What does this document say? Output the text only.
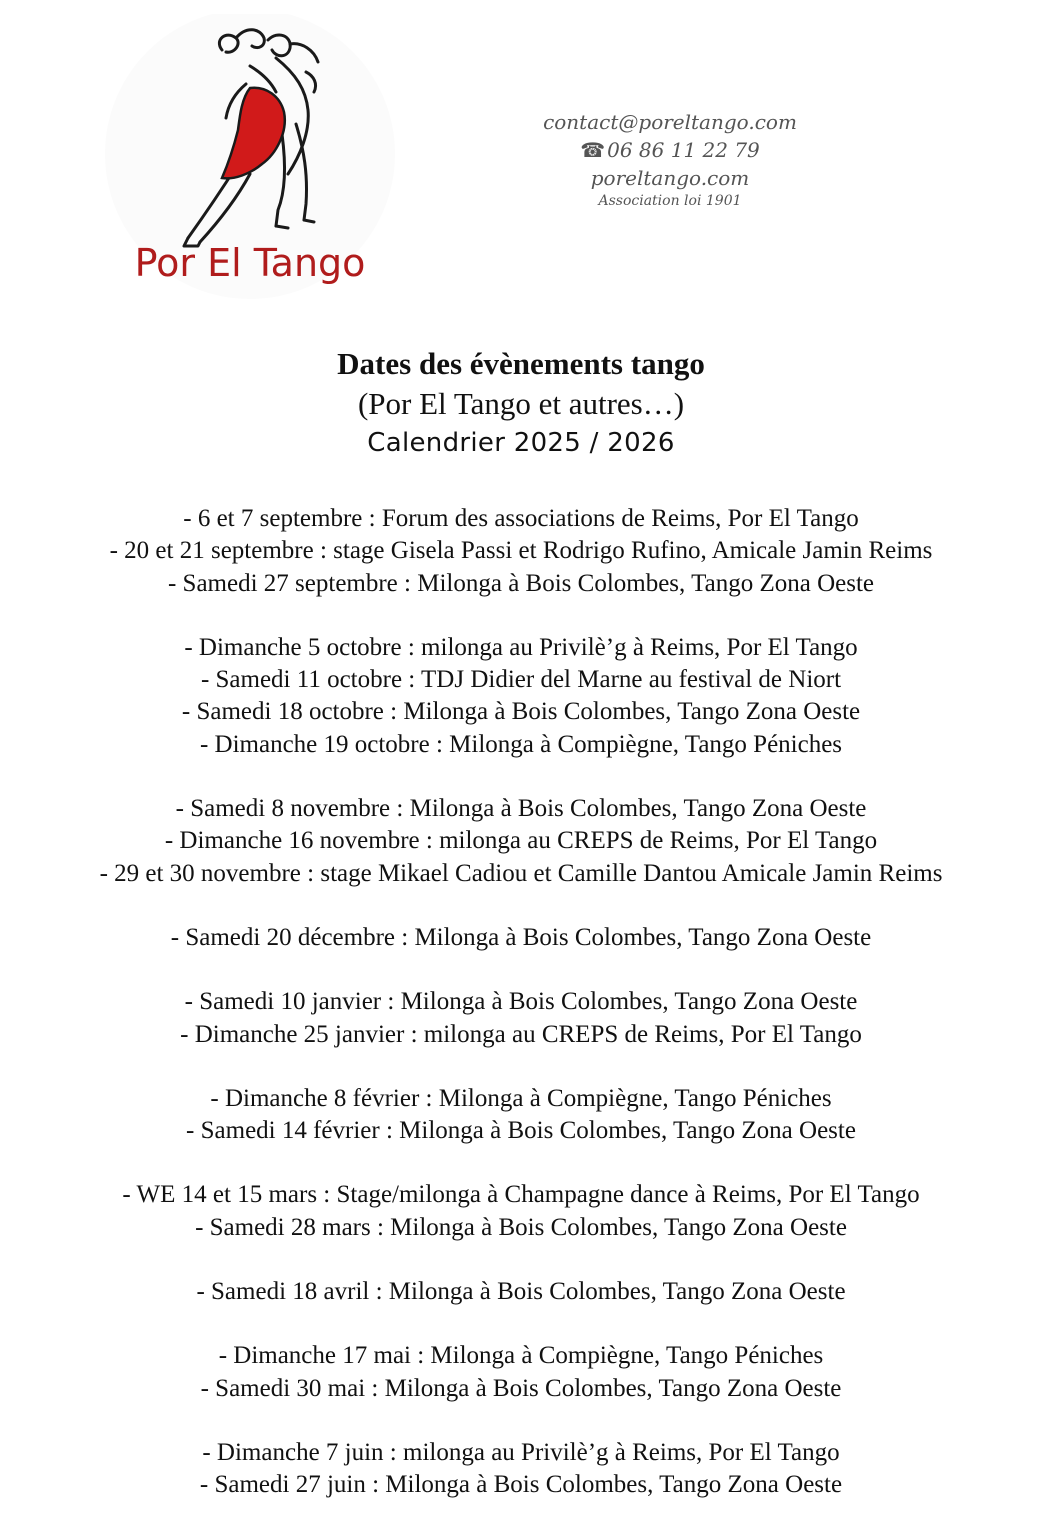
Por El Tango
contact@poreltango.com
☎ 06 86 11 22 79
poreltango.com
Association loi 1901
Dates des évènements tango
(Por El Tango et autres…)
Calendrier 2025 / 2026
- 6 et 7 septembre : Forum des associations de Reims, Por El Tango
- 20 et 21 septembre : stage Gisela Passi et Rodrigo Rufino, Amicale Jamin Reims
- Samedi 27 septembre : Milonga à Bois Colombes, Tango Zona Oeste
- Dimanche 5 octobre : milonga au Privilè’g à Reims, Por El Tango
- Samedi 11 octobre : TDJ Didier del Marne au festival de Niort
- Samedi 18 octobre : Milonga à Bois Colombes, Tango Zona Oeste
- Dimanche 19 octobre : Milonga à Compiègne, Tango Péniches
- Samedi 8 novembre : Milonga à Bois Colombes, Tango Zona Oeste
- Dimanche 16 novembre : milonga au CREPS de Reims, Por El Tango
- 29 et 30 novembre : stage Mikael Cadiou et Camille Dantou Amicale Jamin Reims
- Samedi 20 décembre : Milonga à Bois Colombes, Tango Zona Oeste
- Samedi 10 janvier : Milonga à Bois Colombes, Tango Zona Oeste
- Dimanche 25 janvier : milonga au CREPS de Reims, Por El Tango
- Dimanche 8 février : Milonga à Compiègne, Tango Péniches
- Samedi 14 février : Milonga à Bois Colombes, Tango Zona Oeste
- WE 14 et 15 mars : Stage/milonga à Champagne dance à Reims, Por El Tango
- Samedi 28 mars : Milonga à Bois Colombes, Tango Zona Oeste
- Samedi 18 avril : Milonga à Bois Colombes, Tango Zona Oeste
- Dimanche 17 mai : Milonga à Compiègne, Tango Péniches
- Samedi 30 mai : Milonga à Bois Colombes, Tango Zona Oeste
- Dimanche 7 juin : milonga au Privilè’g à Reims, Por El Tango
- Samedi 27 juin : Milonga à Bois Colombes, Tango Zona Oeste
